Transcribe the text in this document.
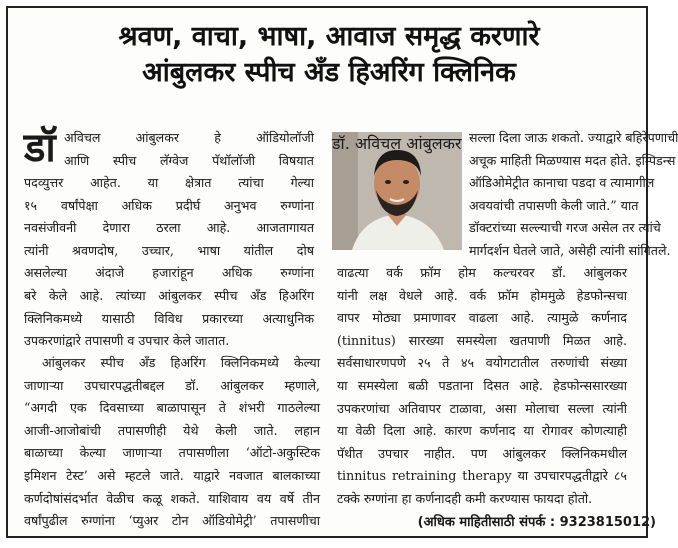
श्रवण, वाचा, भाषा, आवाज समृद्ध करणारे
आंबुलकर स्पीच अँड हिअरिंग क्लिनिक
डॉ अविचल आंबुलकर हे ऑडियोलॉजी
आणि स्पीच लॅग्वेज पॅथॉलॉजी विषयात
पदव्युत्तर आहेत. या क्षेत्रात त्यांचा गेल्या
१५ वर्षांपेक्षा अधिक प्रदीर्घ अनुभव रुग्णांना
नवसंजीवनी देणारा ठरला आहे. आजतागायत
त्यांनी श्रवणदोष, उच्चार, भाषा यांतील दोष
असलेल्या अंदाजे हजारांहून अधिक रुग्णांना
बरे केले आहे. त्यांच्या आंबुलकर स्पीच अँड हिअरिंग
क्लिनिकमध्ये यासाठी विविध प्रकारच्या अत्याधुनिक
उपकरणांद्वारे तपासणी व उपचार केले जातात.
आंबुलकर स्पीच अँड हिअरिंग क्लिनिकमध्ये केल्या
जाणाऱ्या उपचारपद्धतीबद्दल डॉ. आंबुलकर म्हणाले,
“अगदी एक दिवसाच्या बाळापासून ते शंभरी गाठलेल्या
आजी-आजोबांची तपासणीही येथे केली जाते. लहान
बाळाच्या केल्या जाणाऱ्या तपासणीला ‘ऑटो-अकुस्टिक
इमिशन टेस्ट’ असे म्हटले जाते. याद्वारे नवजात बालकाच्या
कर्णदोषांसंदर्भात वेळीच कळू शकते. याशिवाय वय वर्षे तीन
वर्षांपुढील रुग्णांना ‘प्युअर टोन ऑडियोमेट्री’ तपासणीचा
डॉ. अविचल आंबुलकर सल्ला दिला जाऊ शकतो. ज्याद्वारे बहिरेपणाची
अचूक माहिती मिळण्यास मदत होते. इम्पिडन्स
ऑडिओमेट्रीत कानाचा पडदा व त्यामागील
अवयवांची तपासणी केली जाते.” यात
डॉक्टरांच्या सल्ल्याची गरज असेल तर त्यांचे
मार्गदर्शन घेतले जाते, असेही त्यांनी सांगितले.
वाढत्या वर्क फ्रॉम होम कल्चरवर डॉ. आंबुलकर
यांनी लक्ष वेधले आहे. वर्क फ्रॉम होममुळे हेडफोन्सचा
वापर मोठ्या प्रमाणावर वाढला आहे. त्यामुळे कर्णनाद
(tinnitus) सारख्या समस्येला खतपाणी मिळत आहे.
सर्वसाधारणपणे २५ ते ४५ वयोगटातील तरुणांची संख्या
या समस्येला बळी पडताना दिसत आहे. हेडफोन्ससारख्या
उपकरणांचा अतिवापर टाळावा, असा मोलाचा सल्ला त्यांनी
या वेळी दिला आहे. कारण कर्णनाद या रोगावर कोणत्याही
पॅथीत उपचार नाहीत. पण आंबुलकर क्लिनिकमधील
tinnitus retraining therapy या उपचारपद्धतीद्वारे ८५
टक्के रुग्णांना हा कर्णनादही कमी करण्यास फायदा होतो.
(अधिक माहितीसाठी संपर्क : 9323815012)
